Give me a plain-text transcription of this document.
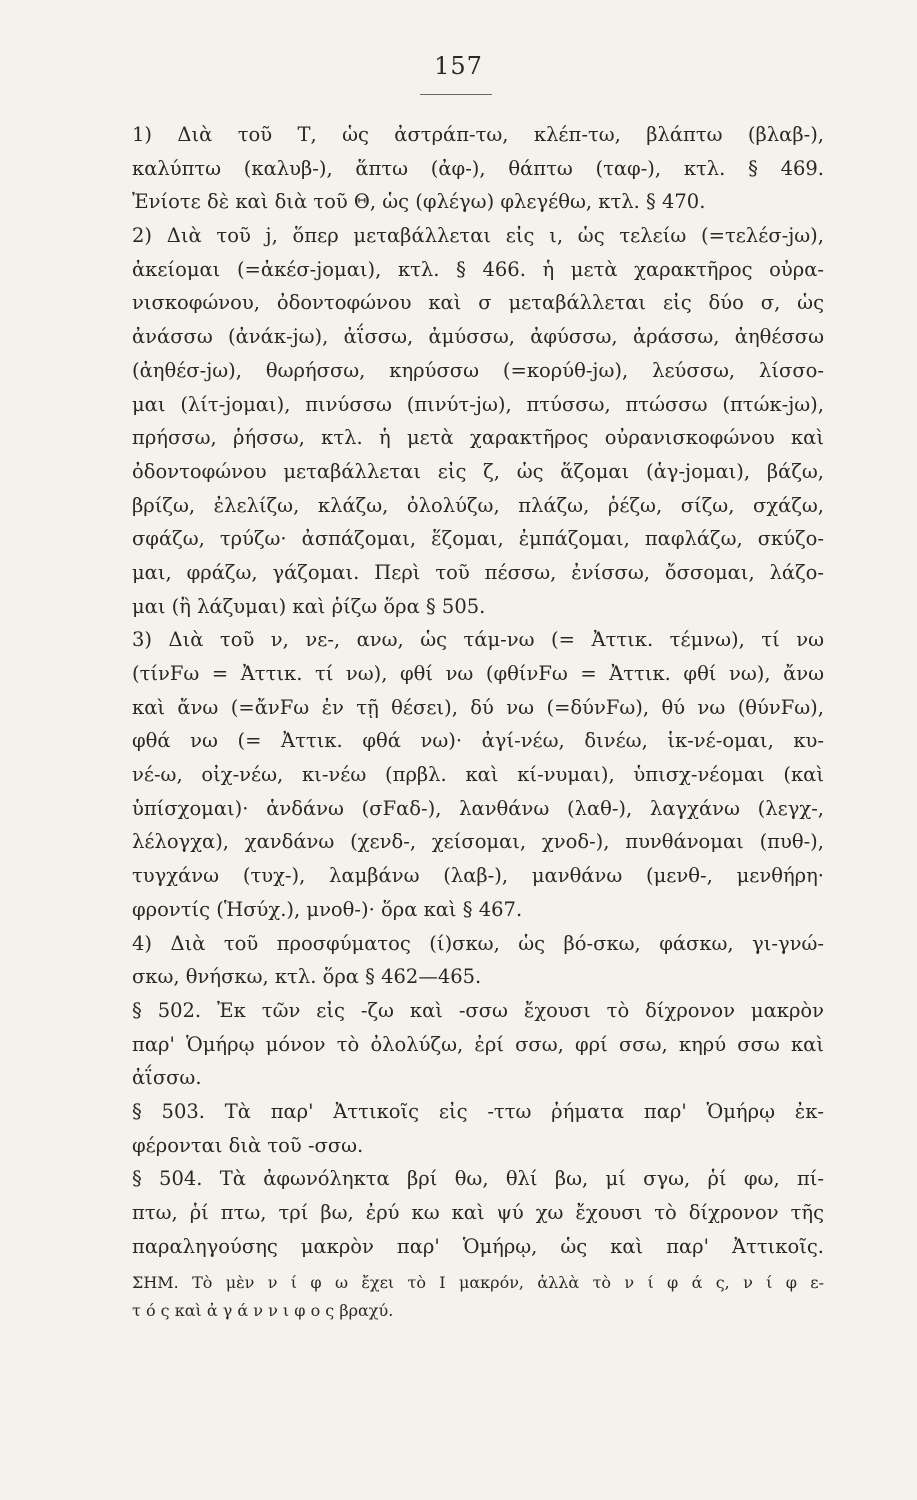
157
1) Διὰ τοῦ Τ, ὡς ἀστράπ-τω, κλέπ-τω, βλάπτω (βλαβ-),
καλύπτω (καλυβ-), ἅπτω (ἀφ-), θάπτω (ταφ-), κτλ. § 469.
Ἐνίοτε δὲ καὶ διὰ τοῦ Θ, ὡς (φλέγω) φλεγέθω, κτλ. § 470.
2) Διὰ τοῦ j, ὅπερ μεταβάλλεται εἰς ι, ὡς τελείω (=τελέσ-jω),
ἀκείομαι (=ἀκέσ-jομαι), κτλ. § 466. ἡ μετὰ χαρακτῆρος οὐρα-
νισκοφώνου, ὀδοντοφώνου καὶ σ μεταβάλλεται εἰς δύο σ, ὡς
ἀνάσσω (ἀνάκ-jω), ἀΐσσω, ἀμύσσω, ἀφύσσω, ἀράσσω, ἀηθέσσω
(ἀηθέσ-jω), θωρήσσω, κηρύσσω (=κορύθ-jω), λεύσσω, λίσσο-
μαι (λίτ-jομαι), πινύσσω (πινύτ-jω), πτύσσω, πτώσσω (πτώκ-jω),
πρήσσω, ῥήσσω, κτλ. ἡ μετὰ χαρακτῆρος οὐρανισκοφώνου καὶ
ὀδοντοφώνου μεταβάλλεται εἰς ζ, ὡς ἅζομαι (ἁγ-jομαι), βάζω,
βρίζω, ἐλελίζω, κλάζω, ὀλολύζω, πλάζω, ῥέζω, σίζω, σχάζω,
σφάζω, τρύζω· ἀσπάζομαι, ἕζομαι, ἐμπάζομαι, παφλάζω, σκύζο-
μαι, φράζω, γάζομαι. Περὶ τοῦ πέσσω, ἐνίσσω, ὄσσομαι, λάζο-
μαι (ἢ λάζυμαι) καὶ ῥίζω ὅρα § 505.
3) Διὰ τοῦ ν, νε-, ανω, ὡς τάμ-νω (= Ἀττικ. τέμνω), τί νω
(τίνFω = Ἀττικ. τί νω), φθί νω (φθίνFω = Ἀττικ. φθί νω), ἄνω
καὶ ἄνω (=ἄνFω ἐν τῇ θέσει), δύ νω (=δύνFω), θύ νω (θύνFω),
φθά νω (= Ἀττικ. φθά νω)· ἀγί-νέω, δινέω, ἱκ-νέ-ομαι, κυ-
νέ-ω, οἰχ-νέω, κι-νέω (πρβλ. καὶ κί-νυμαι), ὑπισχ-νέομαι (καὶ
ὑπίσχομαι)· ἁνδάνω (σFαδ-), λανθάνω (λαθ-), λαγχάνω (λεγχ-,
λέλογχα), χανδάνω (χενδ-, χείσομαι, χνοδ-), πυνθάνομαι (πυθ-),
τυγχάνω (τυχ-), λαμβάνω (λαβ-), μανθάνω (μενθ-, μενθήρη·
φροντίς (Ἡσύχ.), μνοθ-)· ὅρα καὶ § 467.
4) Διὰ τοῦ προσφύματος (ί)σκω, ὡς βό-σκω, φάσκω, γι-γνώ-
σκω, θνήσκω, κτλ. ὅρα § 462—465.
§ 502. Ἐκ τῶν εἰς -ζω καὶ -σσω ἔχουσι τὸ δίχρονον μακρὸν
παρ' Ὁμήρῳ μόνον τὸ ὀλολύζω, ἐρί σσω, φρί σσω, κηρύ σσω καὶ
ἀΐσσω.
§ 503. Τὰ παρ' Ἀττικοῖς εἰς -ττω ῥήματα παρ' Ὁμήρῳ ἐκ-
φέρονται διὰ τοῦ -σσω.
§ 504. Τὰ ἀφωνόληκτα βρί θω, θλί βω, μί σγω, ῥί φω, πί-
πτω, ῥί πτω, τρί βω, ἐρύ κω καὶ ψύ χω ἔχουσι τὸ δίχρονον τῆς
παραληγούσης μακρὸν παρ' Ὁμήρῳ, ὡς καὶ παρ' Ἀττικοῖς.
ΣΗΜ. Τὸ μὲν ν ί φ ω ἔχει τὸ Ι μακρόν, ἀλλὰ τὸ ν ί φ ά ς, ν ί φ ε-
τ ό ς καὶ ἀ γ ά ν ν ι φ ο ς βραχύ.
